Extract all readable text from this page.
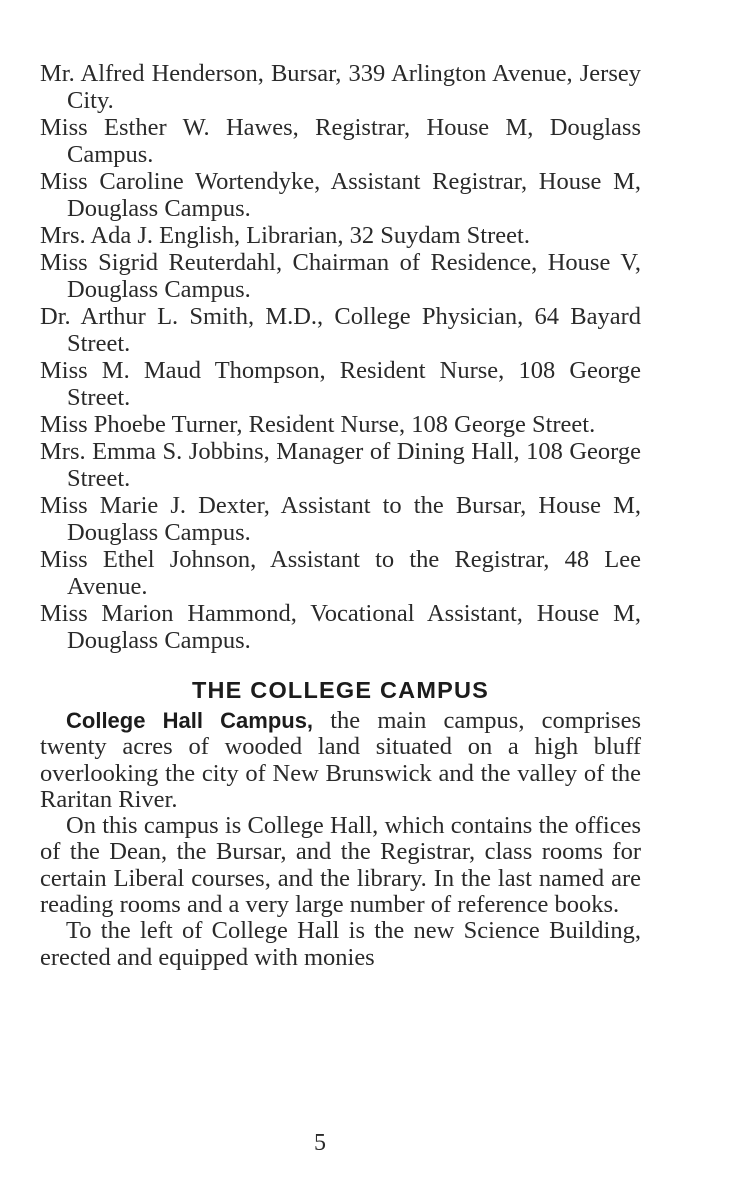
Mr. Alfred Henderson, Bursar, 339 Arlington Avenue, Jersey City.

Miss Esther W. Hawes, Registrar, House M, Douglass Campus.

Miss Caroline Wortendyke, Assistant Registrar, House M, Douglass Campus.

Mrs. Ada J. English, Librarian, 32 Suydam Street.

Miss Sigrid Reuterdahl, Chairman of Residence, House V, Douglass Campus.

Dr. Arthur L. Smith, M.D., College Physician, 64 Bayard Street.

Miss M. Maud Thompson, Resident Nurse, 108 George Street.

Miss Phoebe Turner, Resident Nurse, 108 George Street.

Mrs. Emma S. Jobbins, Manager of Dining Hall, 108 George Street.

Miss Marie J. Dexter, Assistant to the Bursar, House M, Douglass Campus.

Miss Ethel Johnson, Assistant to the Registrar, 48 Lee Avenue.

Miss Marion Hammond, Vocational Assistant, House M, Douglass Campus.

THE COLLEGE CAMPUS

College Hall Campus, the main campus, comprises twenty acres of wooded land situated on a high bluff overlooking the city of New Brunswick and the valley of the Raritan River.

On this campus is College Hall, which contains the offices of the Dean, the Bursar, and the Registrar, class rooms for certain Liberal courses, and the library. In the last named are reading rooms and a very large number of reference books.

To the left of College Hall is the new Science Building, erected and equipped with monies

5
